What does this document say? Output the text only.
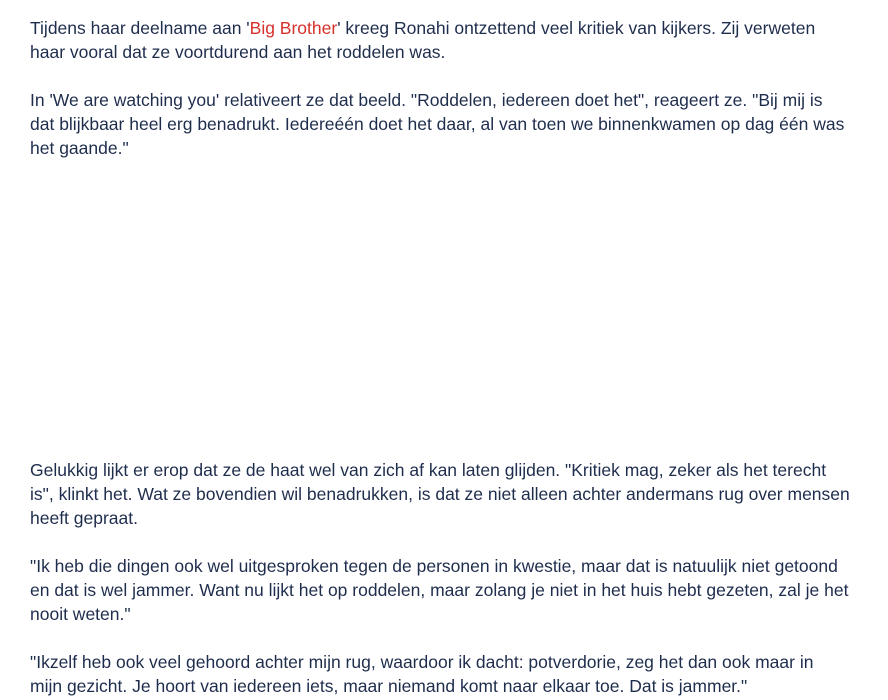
Tijdens haar deelname aan 'Big Brother' kreeg Ronahi ontzettend veel kritiek van kijkers. Zij verweten haar vooral dat ze voortdurend aan het roddelen was.

In 'We are watching you' relativeert ze dat beeld. "Roddelen, iedereen doet het", reageert ze. "Bij mij is dat blijkbaar heel erg benadrukt. Iedereéén doet het daar, al van toen we binnenkwamen op dag één was het gaande."

Gelukkig lijkt er erop dat ze de haat wel van zich af kan laten glijden. "Kritiek mag, zeker als het terecht is", klinkt het. Wat ze bovendien wil benadrukken, is dat ze niet alleen achter andermans rug over mensen heeft gepraat.

"Ik heb die dingen ook wel uitgesproken tegen de personen in kwestie, maar dat is natuulijk niet getoond en dat is wel jammer. Want nu lijkt het op roddelen, maar zolang je niet in het huis hebt gezeten, zal je het nooit weten."

"Ikzelf heb ook veel gehoord achter mijn rug, waardoor ik dacht: potverdorie, zeg het dan ook maar in mijn gezicht. Je hoort van iedereen iets, maar niemand komt naar elkaar toe. Dat is jammer."
